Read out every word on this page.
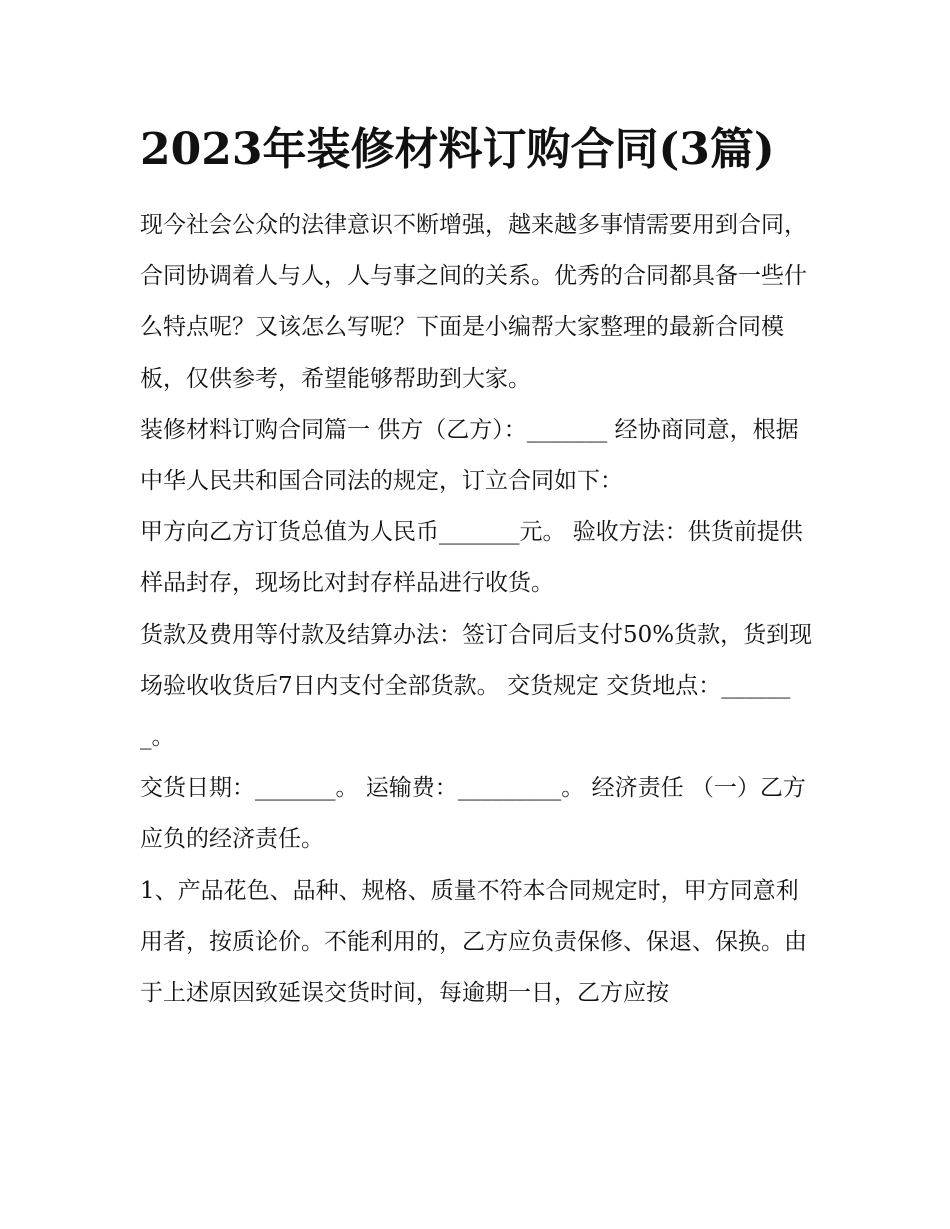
2023年装修材料订购合同(3篇)

现今社会公众的法律意识不断增强，越来越多事情需要用到合同，合同协调着人与人，人与事之间的关系。优秀的合同都具备一些什么特点呢？又该怎么写呢？下面是小编帮大家整理的最新合同模板，仅供参考，希望能够帮助到大家。

装修材料订购合同篇一 供方（乙方）：_______ 经协商同意，根据中华人民共和国合同法的规定，订立合同如下：

甲方向乙方订货总值为人民币_______元。 验收方法：供货前提供样品封存，现场比对封存样品进行收货。

货款及费用等付款及结算办法：签订合同后支付50%货款，货到现场验收收货后7日内支付全部货款。 交货规定 交货地点：_______。

交货日期：_______。 运输费：_________。 经济责任 （一）乙方应负的经济责任。

1、产品花色、品种、规格、质量不符本合同规定时，甲方同意利用者，按质论价。不能利用的，乙方应负责保修、保退、保换。由于上述原因致延误交货时间，每逾期一日，乙方应按
